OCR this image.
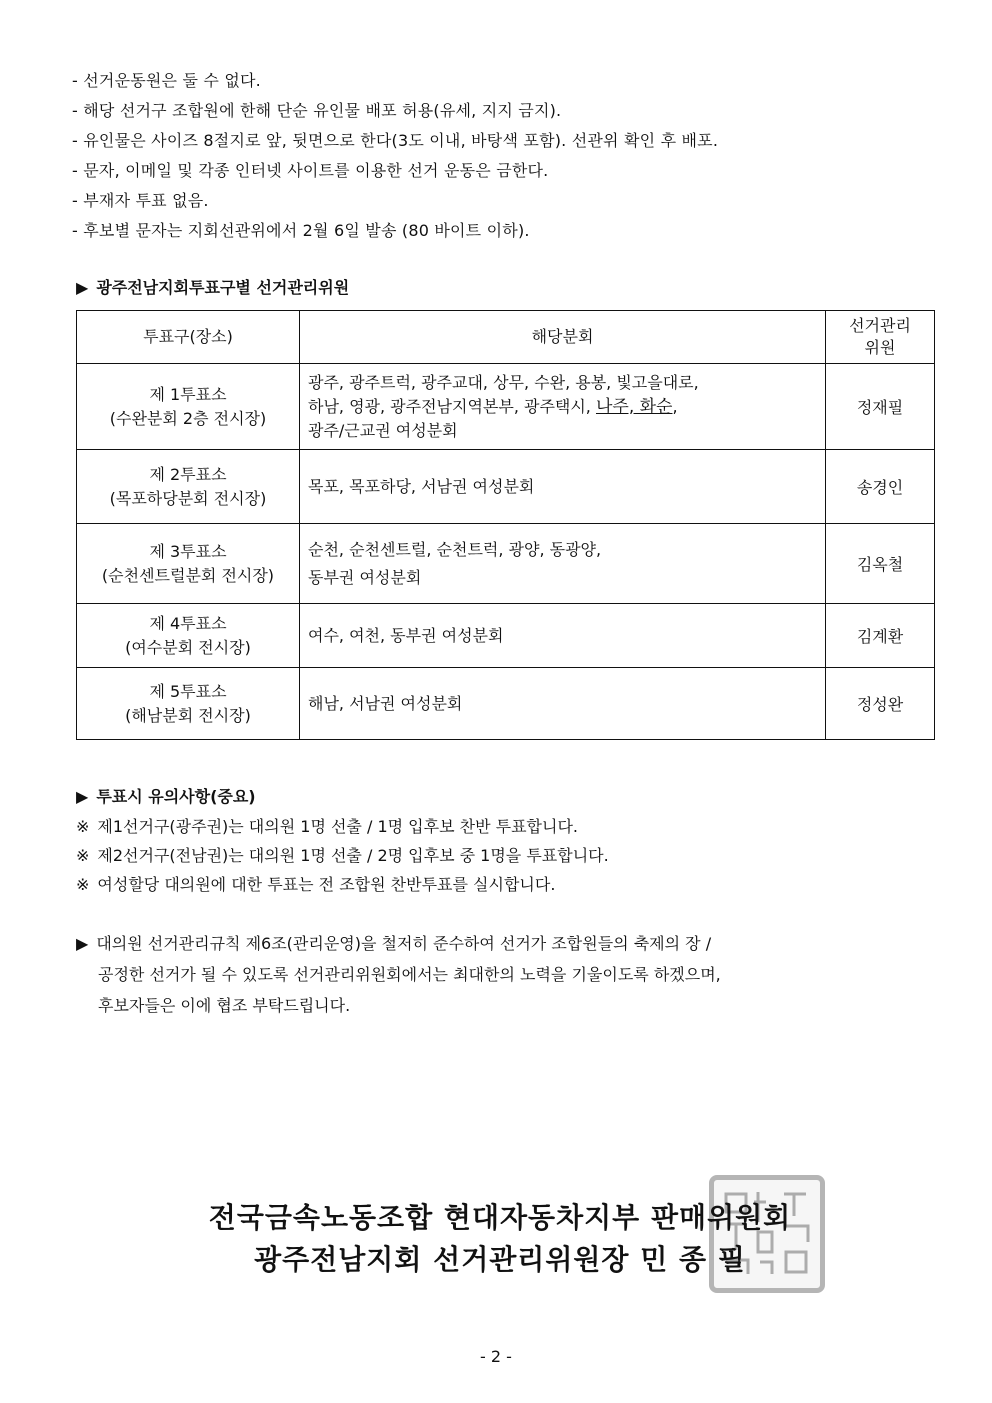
- 선거운동원은 둘 수 없다.
- 해당 선거구 조합원에 한해 단순 유인물 배포 허용(유세, 지지 금지).
- 유인물은 사이즈 8절지로 앞, 뒷면으로 한다(3도 이내, 바탕색 포함). 선관위 확인 후 배포.
- 문자, 이메일 및 각종 인터넷 사이트를 이용한 선거 운동은 금한다.
- 부재자 투표 없음.
- 후보별 문자는 지회선관위에서 2월 6일 발송 (80 바이트 이하).
▶ 광주전남지회투표구별 선거관리위원
투표구(장소)	해당분회	선거관리
위원
제 1투표소
(수완분회 2층 전시장)	광주, 광주트럭, 광주교대, 상무, 수완, 용봉, 빛고을대로,
하남, 영광, 광주전남지역본부, 광주택시, 나주, 화순,
광주/근교권 여성분회	정재필
제 2투표소
(목포하당분회 전시장)	목포, 목포하당, 서남권 여성분회	송경인
제 3투표소
(순천센트럴분회 전시장)	순천, 순천센트럴, 순천트럭, 광양, 동광양,
동부권 여성분회	김옥철
제 4투표소
(여수분회 전시장)	여수, 여천, 동부권 여성분회	김계환
제 5투표소
(해남분회 전시장)	해남, 서남권 여성분회	정성완
▶ 투표시 유의사항(중요)
※ 제1선거구(광주권)는 대의원 1명 선출 / 1명 입후보 찬반 투표합니다.
※ 제2선거구(전남권)는 대의원 1명 선출 / 2명 입후보 중 1명을 투표합니다.
※ 여성할당 대의원에 대한 투표는 전 조합원 찬반투표를 실시합니다.
▶ 대의원 선거관리규칙 제6조(관리운영)을 철저히 준수하여 선거가 조합원들의 축제의 장 /
공정한 선거가 될 수 있도록 선거관리위원회에서는 최대한의 노력을 기울이도록 하겠으며,
후보자들은 이에 협조 부탁드립니다.
전국금속노동조합 현대자동차지부 판매위원회
광주전남지회 선거관리위원장 민 종 필
- 2 -
